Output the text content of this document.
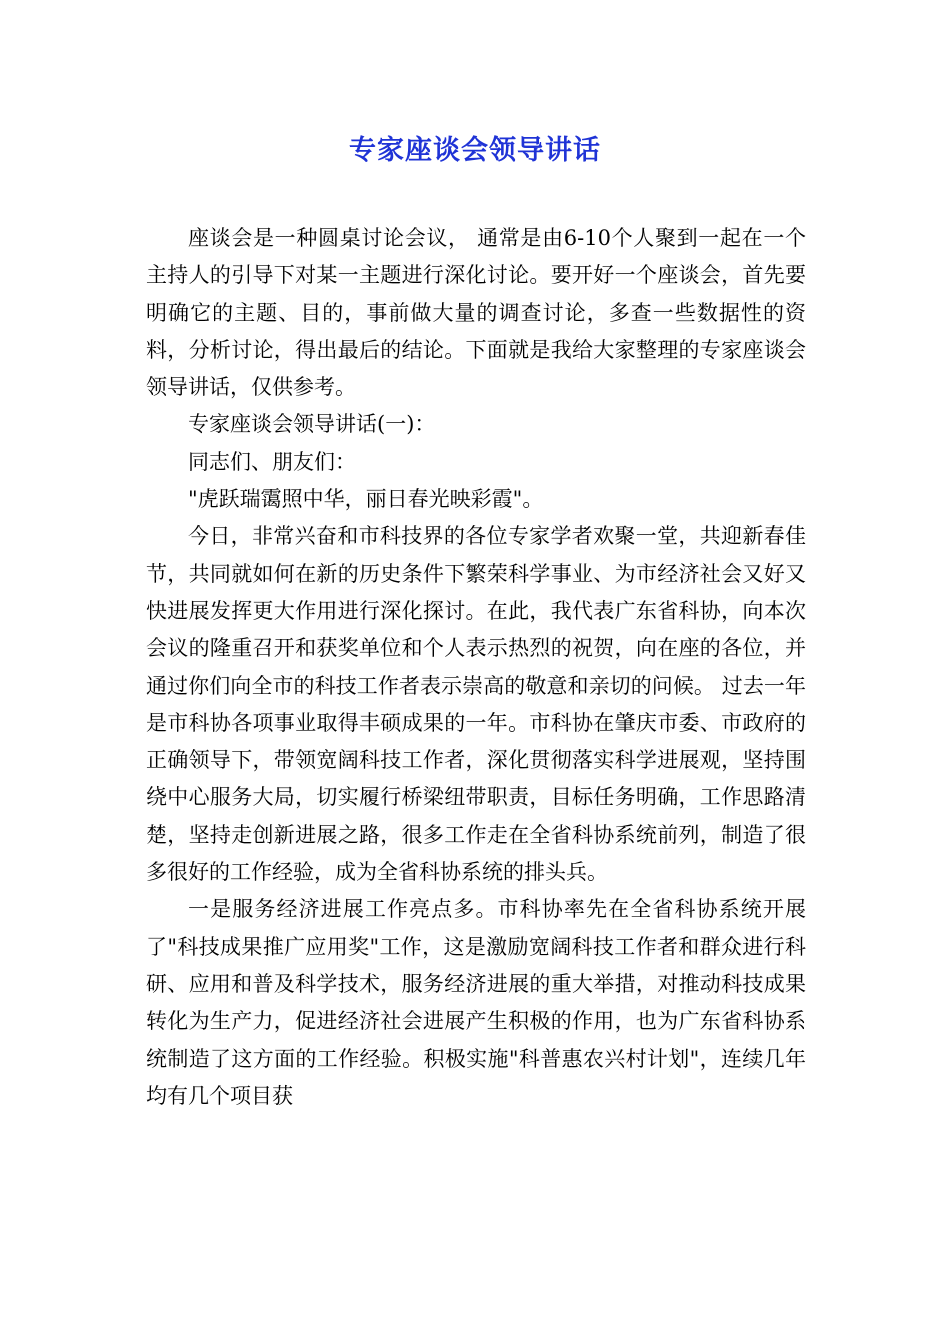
专家座谈会领导讲话

座谈会是一种圆桌讨论会议， 通常是由6-10个人聚到一起在一个主持人的引导下对某一主题进行深化讨论。要开好一个座谈会，首先要明确它的主题、目的，事前做大量的调查讨论，多查一些数据性的资料，分析讨论，得出最后的结论。下面就是我给大家整理的专家座谈会领导讲话，仅供参考。

专家座谈会领导讲话(一)：

同志们、朋友们：

"虎跃瑞霭照中华，丽日春光映彩霞"。

今日，非常兴奋和市科技界的各位专家学者欢聚一堂，共迎新春佳节，共同就如何在新的历史条件下繁荣科学事业、为市经济社会又好又快进展发挥更大作用进行深化探讨。在此，我代表广东省科协，向本次会议的隆重召开和获奖单位和个人表示热烈的祝贺，向在座的各位，并通过你们向全市的科技工作者表示崇高的敬意和亲切的问候。 过去一年是市科协各项事业取得丰硕成果的一年。市科协在肇庆市委、市政府的正确领导下，带领宽阔科技工作者，深化贯彻落实科学进展观，坚持围绕中心服务大局，切实履行桥梁纽带职责，目标任务明确，工作思路清楚，坚持走创新进展之路，很多工作走在全省科协系统前列，制造了很多很好的工作经验，成为全省科协系统的排头兵。

一是服务经济进展工作亮点多。市科协率先在全省科协系统开展了"科技成果推广应用奖"工作，这是激励宽阔科技工作者和群众进行科研、应用和普及科学技术，服务经济进展的重大举措，对推动科技成果转化为生产力，促进经济社会进展产生积极的作用，也为广东省科协系统制造了这方面的工作经验。积极实施"科普惠农兴村计划"，连续几年均有几个项目获
